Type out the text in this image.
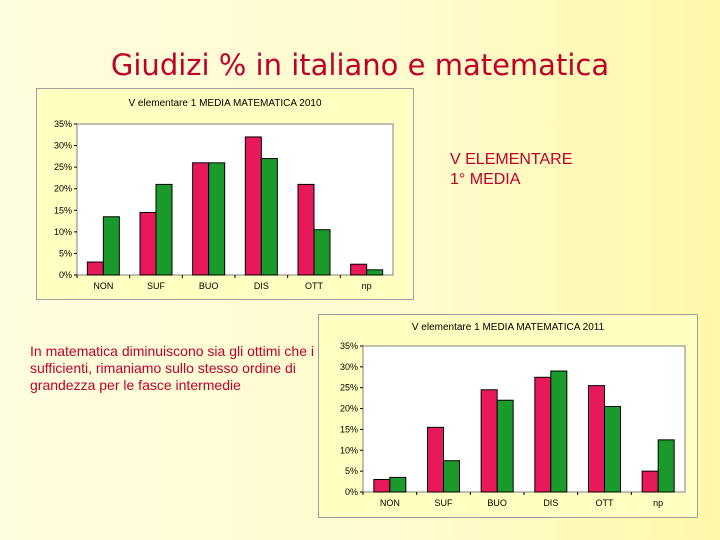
Giudizi % in italiano e matematica
V elementare 1 MEDIA MATEMATICA 2010
0%
5%
10%
15%
20%
25%
30%
35%
NON	SUF	BUO	DIS	OTT	np
V ELEMENTARE
1° MEDIA
In matematica diminuiscono sia gli ottimi che i sufficienti, rimaniamo sullo stesso ordine di grandezza per le fasce intermedie
V elementare 1 MEDIA MATEMATICA 2011
0%
5%
10%
15%
20%
25%
30%
35%
NON	SUF	BUO	DIS	OTT	np
